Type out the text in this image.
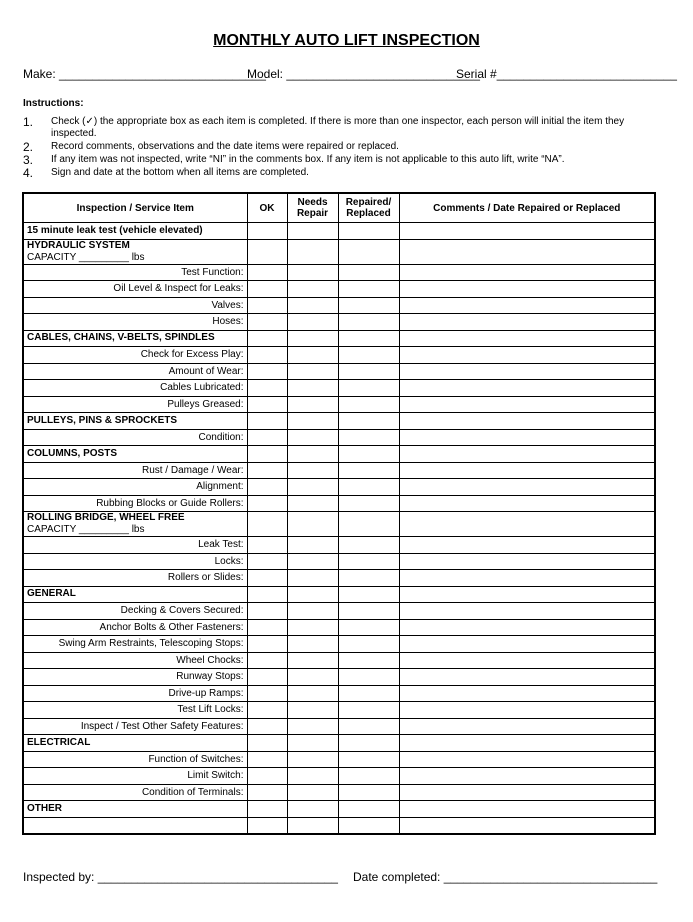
MONTHLY AUTO LIFT INSPECTION
Make: _______________________________
Model: _____________________________
Serial #___________________________
Instructions:
1.	Check (✓) the appropriate box as each item is completed. If there is more than one inspector, each person will initial the item they inspected.
2.	Record comments, observations and the date items were repaired or replaced.
3.	If any item was not inspected, write “NI” in the comments box. If any item is not applicable to this auto lift, write “NA”.
4.	Sign and date at the bottom when all items are completed.
Inspection / Service Item	OK	Needs Repair	Repaired/ Replaced	Comments / Date Repaired or Replaced
15 minute leak test (vehicle elevated)				

HYDRAULIC SYSTEM
CAPACITY _________ lbs				

Test Function:				
Oil Level & Inspect for Leaks:				
Valves:				
Hoses:				

CABLES, CHAINS, V-BELTS, SPINDLES				

Check for Excess Play:				
Amount of Wear:				
Cables Lubricated:				
Pulleys Greased:				

PULLEYS, PINS & SPROCKETS				

Condition:				

COLUMNS, POSTS				

Rust / Damage / Wear:				
Alignment:				
Rubbing Blocks or Guide Rollers:				

ROLLING BRIDGE, WHEEL FREE
CAPACITY _________ lbs				

Leak Test:				
Locks:				
Rollers or Slides:				

GENERAL				

Decking & Covers Secured:				
Anchor Bolts & Other Fasteners:				
Swing Arm Restraints, Telescoping Stops:				
Wheel Chocks:				
Runway Stops:				
Drive-up Ramps:				
Test Lift Locks:				
Inspect / Test Other Safety Features:				

ELECTRICAL				

Function of Switches:				
Limit Switch:				
Condition of Terminals:				

OTHER				

Inspected by: ____________________________________ Date completed: ________________________________
